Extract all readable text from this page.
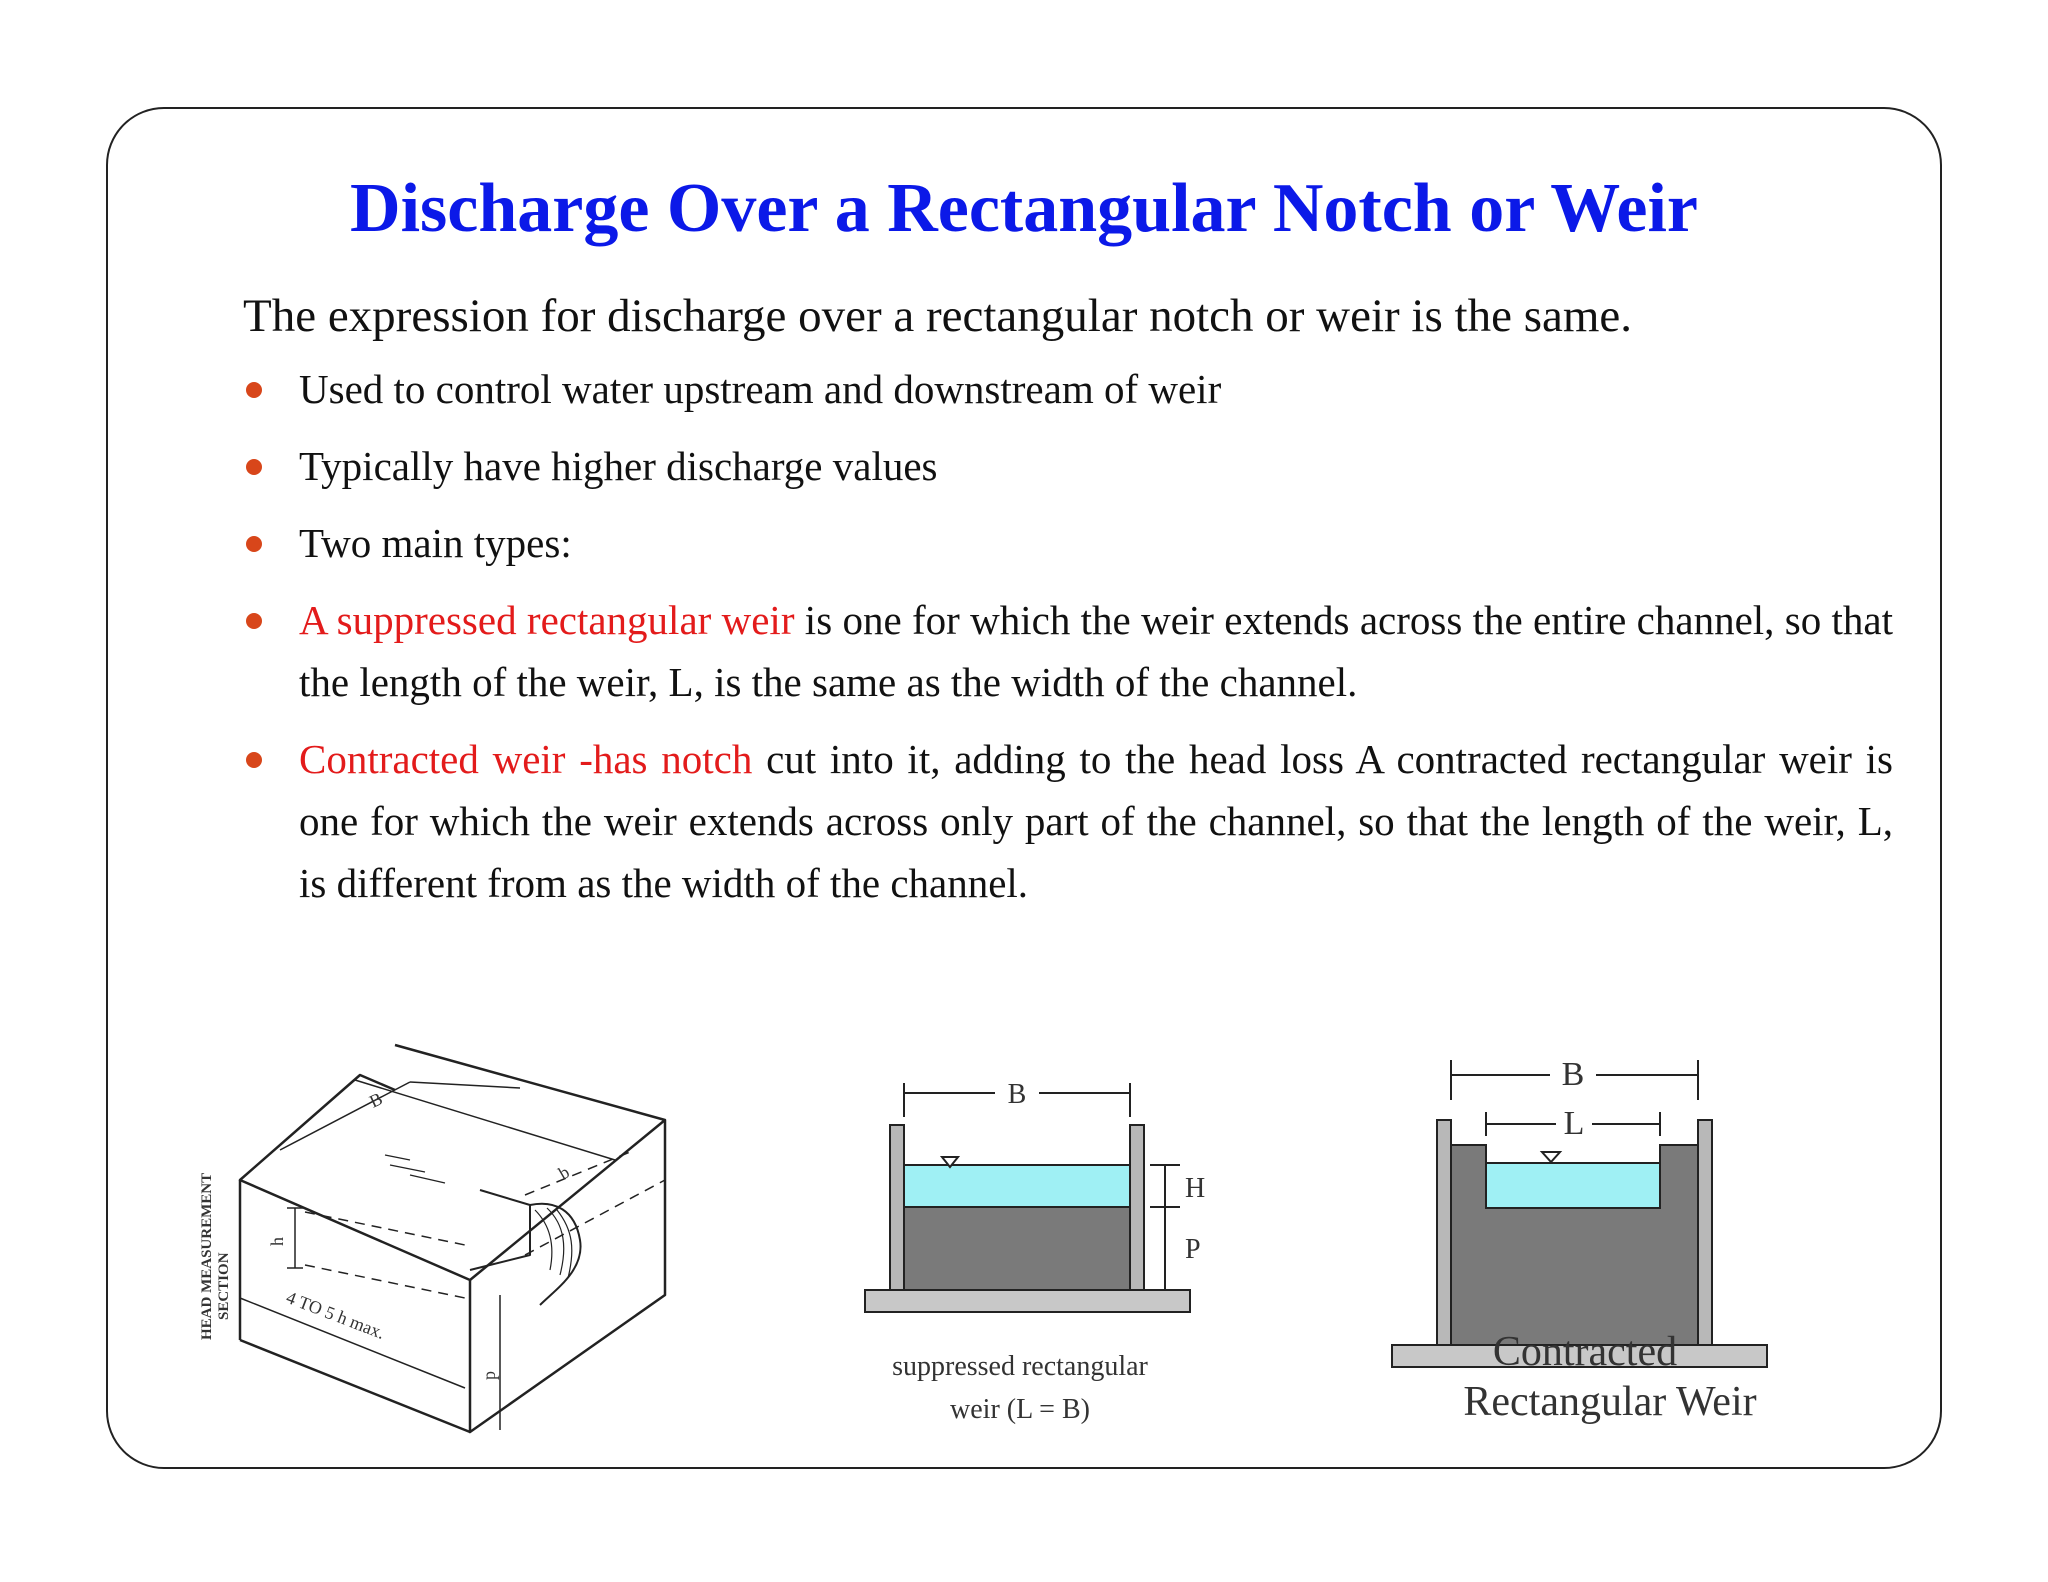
Discharge Over a Rectangular Notch or Weir
The expression for discharge over a rectangular notch or weir is the same.
Used to control water upstream and downstream of weir
Typically have higher discharge values
Two main types:
A suppressed rectangular weir is one for which the weir extends across the entire channel, so that the length of the weir, L, is the same as the width of the channel.
Contracted weir -has notch cut into it, adding to the head loss A contracted rectangular weir is one for which the weir extends across only part of the channel, so that the length of the weir, L, is different from as the width of the channel.
B
b
h
p
HEAD MEASUREMENT SECTION	4 TO 5 h max.
B
H
P
suppressed rectangular
weir (L = B)
B
L
Contracted
Rectangular Weir
